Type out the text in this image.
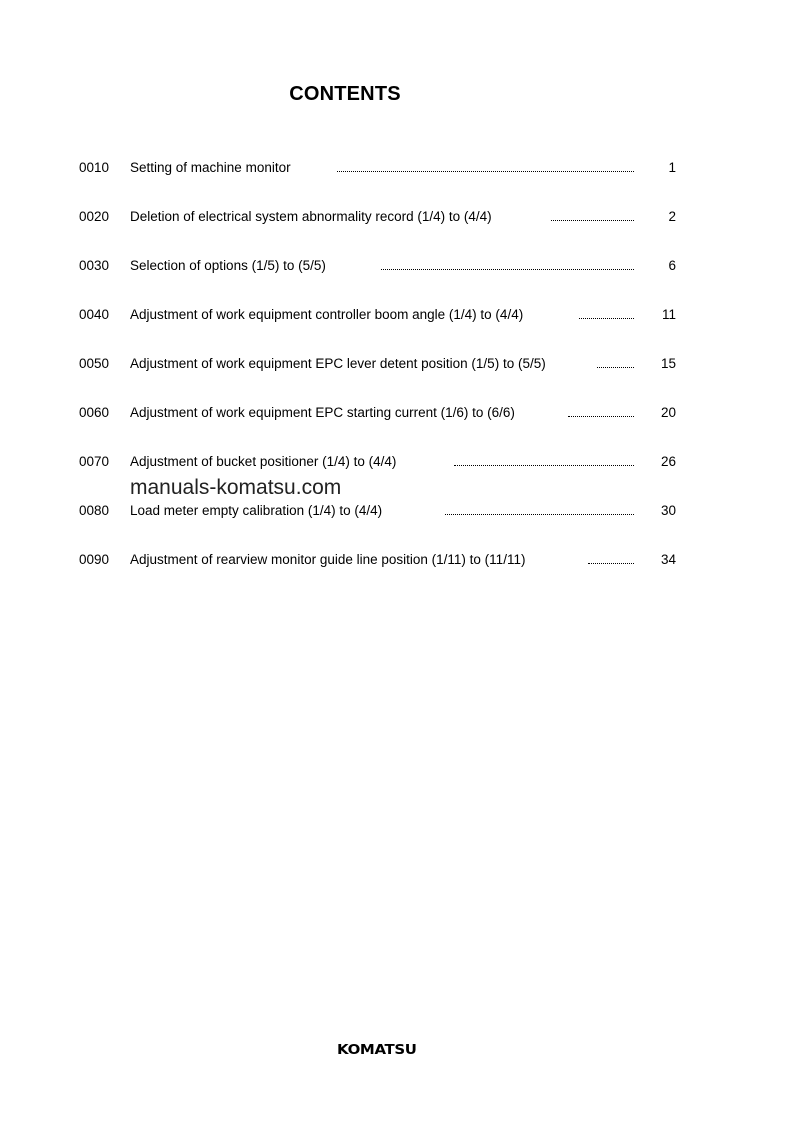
CONTENTS
0010 Setting of machine monitor	1
0020 Deletion of electrical system abnormality record (1/4) to (4/4)	2
0030 Selection of options (1/5) to (5/5)	6
0040 Adjustment of work equipment controller boom angle (1/4) to (4/4)	11
0050 Adjustment of work equipment EPC lever detent position (1/5) to (5/5)	15
0060 Adjustment of work equipment EPC starting current (1/6) to (6/6)	20
0070 Adjustment of bucket positioner (1/4) to (4/4)	26
0080 Load meter empty calibration (1/4) to (4/4)	30
0090 Adjustment of rearview monitor guide line position (1/11) to (11/11)	34
manuals-komatsu.com
KOMATSU
